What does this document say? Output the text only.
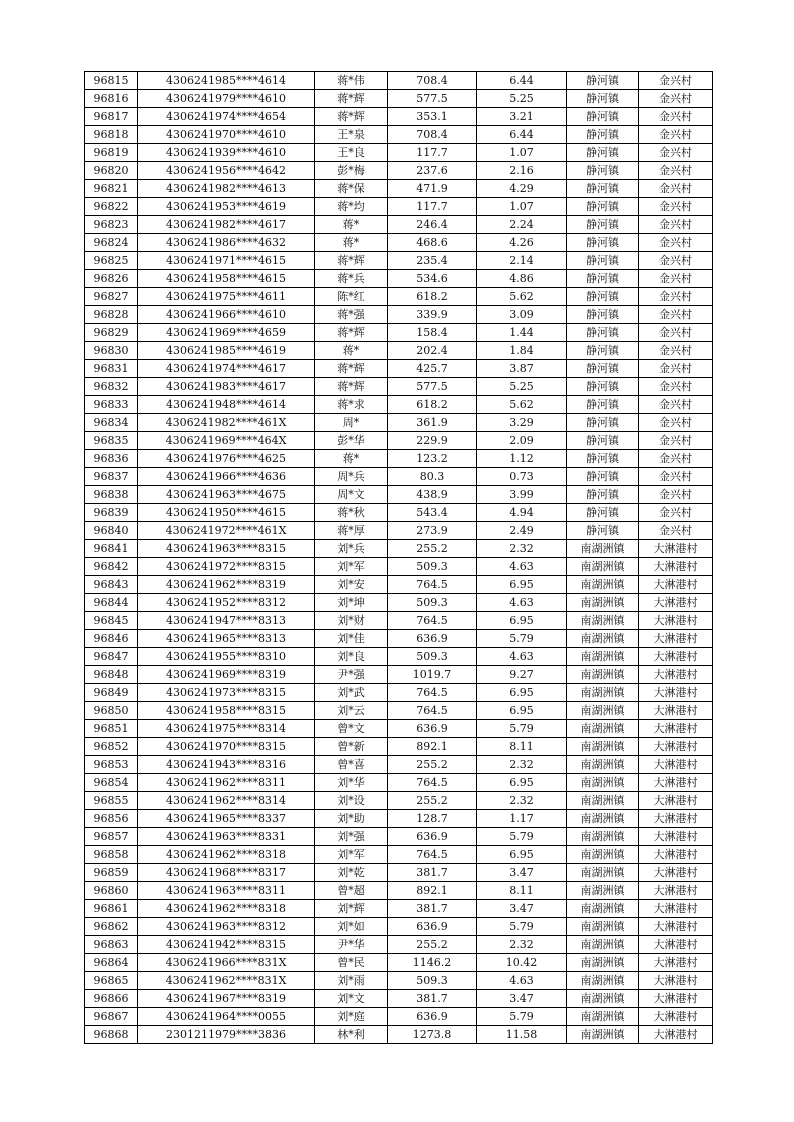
96815	4306241985****4614	蒋*伟	708.4	6.44	静河镇	金兴村
96816	4306241979****4610	蒋*辉	577.5	5.25	静河镇	金兴村
96817	4306241974****4654	蒋*辉	353.1	3.21	静河镇	金兴村
96818	4306241970****4610	王*泉	708.4	6.44	静河镇	金兴村
96819	4306241939****4610	王*良	117.7	1.07	静河镇	金兴村
96820	4306241956****4642	彭*梅	237.6	2.16	静河镇	金兴村
96821	4306241982****4613	蒋*保	471.9	4.29	静河镇	金兴村
96822	4306241953****4619	蒋*均	117.7	1.07	静河镇	金兴村
96823	4306241982****4617	蒋*	246.4	2.24	静河镇	金兴村
96824	4306241986****4632	蒋*	468.6	4.26	静河镇	金兴村
96825	4306241971****4615	蒋*辉	235.4	2.14	静河镇	金兴村
96826	4306241958****4615	蒋*兵	534.6	4.86	静河镇	金兴村
96827	4306241975****4611	陈*红	618.2	5.62	静河镇	金兴村
96828	4306241966****4610	蒋*强	339.9	3.09	静河镇	金兴村
96829	4306241969****4659	蒋*辉	158.4	1.44	静河镇	金兴村
96830	4306241985****4619	蒋*	202.4	1.84	静河镇	金兴村
96831	4306241974****4617	蒋*辉	425.7	3.87	静河镇	金兴村
96832	4306241983****4617	蒋*辉	577.5	5.25	静河镇	金兴村
96833	4306241948****4614	蒋*求	618.2	5.62	静河镇	金兴村
96834	4306241982****461X	周*	361.9	3.29	静河镇	金兴村
96835	4306241969****464X	彭*华	229.9	2.09	静河镇	金兴村
96836	4306241976****4625	蒋*	123.2	1.12	静河镇	金兴村
96837	4306241966****4636	周*兵	80.3	0.73	静河镇	金兴村
96838	4306241963****4675	周*文	438.9	3.99	静河镇	金兴村
96839	4306241950****4615	蒋*秋	543.4	4.94	静河镇	金兴村
96840	4306241972****461X	蒋*厚	273.9	2.49	静河镇	金兴村
96841	4306241963****8315	刘*兵	255.2	2.32	南湖洲镇	大淋港村
96842	4306241972****8315	刘*军	509.3	4.63	南湖洲镇	大淋港村
96843	4306241962****8319	刘*安	764.5	6.95	南湖洲镇	大淋港村
96844	4306241952****8312	刘*坤	509.3	4.63	南湖洲镇	大淋港村
96845	4306241947****8313	刘*财	764.5	6.95	南湖洲镇	大淋港村
96846	4306241965****8313	刘*佳	636.9	5.79	南湖洲镇	大淋港村
96847	4306241955****8310	刘*良	509.3	4.63	南湖洲镇	大淋港村
96848	4306241969****8319	尹*强	1019.7	9.27	南湖洲镇	大淋港村
96849	4306241973****8315	刘*武	764.5	6.95	南湖洲镇	大淋港村
96850	4306241958****8315	刘*云	764.5	6.95	南湖洲镇	大淋港村
96851	4306241975****8314	曾*文	636.9	5.79	南湖洲镇	大淋港村
96852	4306241970****8315	曾*新	892.1	8.11	南湖洲镇	大淋港村
96853	4306241943****8316	曾*喜	255.2	2.32	南湖洲镇	大淋港村
96854	4306241962****8311	刘*华	764.5	6.95	南湖洲镇	大淋港村
96855	4306241962****8314	刘*设	255.2	2.32	南湖洲镇	大淋港村
96856	4306241965****8337	刘*助	128.7	1.17	南湖洲镇	大淋港村
96857	4306241963****8331	刘*强	636.9	5.79	南湖洲镇	大淋港村
96858	4306241962****8318	刘*军	764.5	6.95	南湖洲镇	大淋港村
96859	4306241968****8317	刘*乾	381.7	3.47	南湖洲镇	大淋港村
96860	4306241963****8311	曾*超	892.1	8.11	南湖洲镇	大淋港村
96861	4306241962****8318	刘*辉	381.7	3.47	南湖洲镇	大淋港村
96862	4306241963****8312	刘*如	636.9	5.79	南湖洲镇	大淋港村
96863	4306241942****8315	尹*华	255.2	2.32	南湖洲镇	大淋港村
96864	4306241966****831X	曾*民	1146.2	10.42	南湖洲镇	大淋港村
96865	4306241962****831X	刘*雨	509.3	4.63	南湖洲镇	大淋港村
96866	4306241967****8319	刘*文	381.7	3.47	南湖洲镇	大淋港村
96867	4306241964****0055	刘*庭	636.9	5.79	南湖洲镇	大淋港村
96868	2301211979****3836	林*利	1273.8	11.58	南湖洲镇	大淋港村
